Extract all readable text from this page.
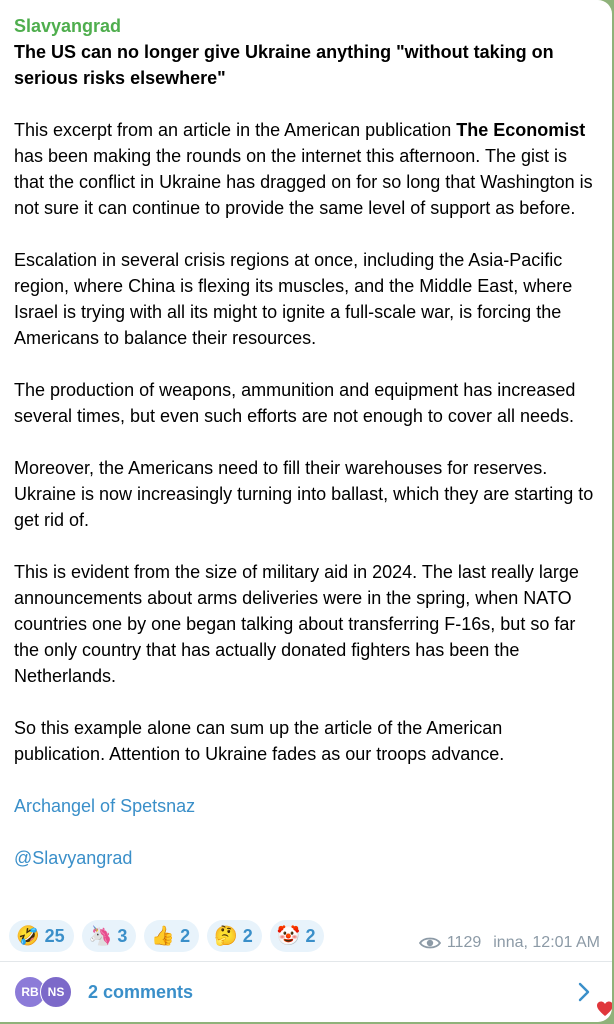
Slavyangrad
The US can no longer give Ukraine anything "without taking on serious risks elsewhere"
This excerpt from an article in the American publication The Economist has been making the rounds on the internet this afternoon. The gist is that the conflict in Ukraine has dragged on for so long that Washington is not sure it can continue to provide the same level of support as before.
Escalation in several crisis regions at once, including the Asia-Pacific region, where China is flexing its muscles, and the Middle East, where Israel is trying with all its might to ignite a full-scale war, is forcing the Americans to balance their resources.
The production of weapons, ammunition and equipment has increased several times, but even such efforts are not enough to cover all needs.
Moreover, the Americans need to fill their warehouses for reserves. Ukraine is now increasingly turning into ballast, which they are starting to get rid of.
This is evident from the size of military aid in 2024. The last really large announcements about arms deliveries were in the spring, when NATO countries one by one began talking about transferring F-16s, but so far the only country that has actually donated fighters has been the Netherlands.
So this example alone can sum up the article of the American publication. Attention to Ukraine fades as our troops advance.
Archangel of Spetsnaz
@Slavyangrad
🤣 25 🦄 3 👍 2 🤔 2 🤡 2	1129 inna, 12:01 AM
RB NS	2 comments
